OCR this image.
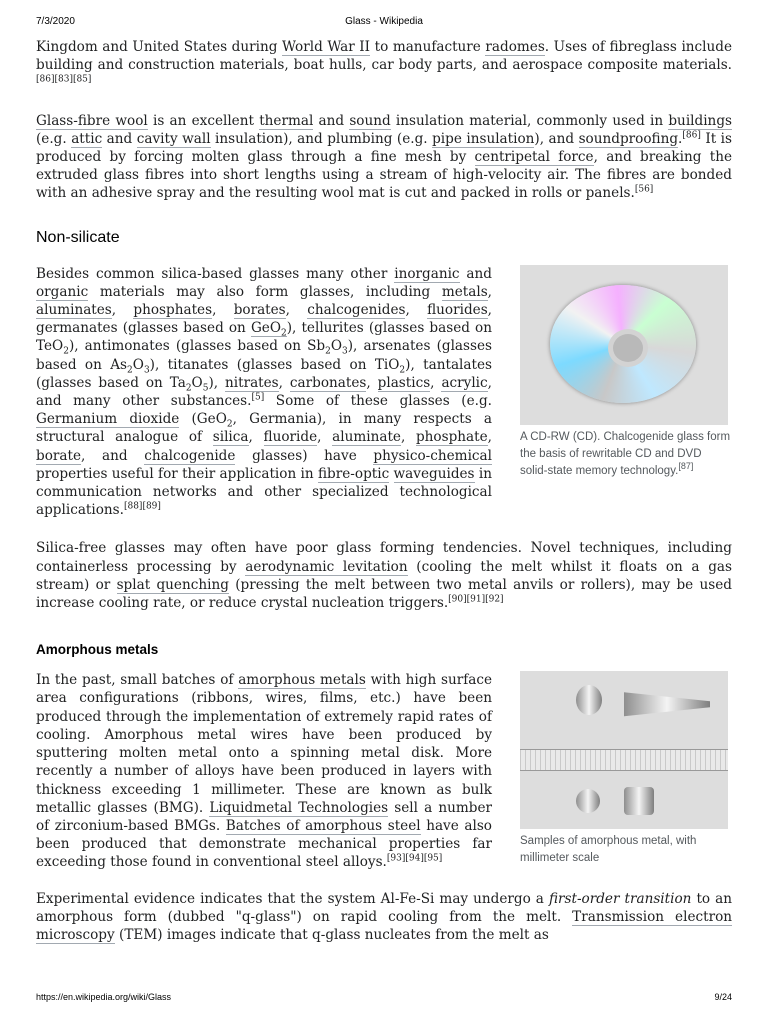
7/3/2020	Glass - Wikipedia

Kingdom and United States during World War II to manufacture radomes. Uses of fibreglass include building and construction materials, boat hulls, car body parts, and aerospace composite materials.[86][83][85]

Glass-fibre wool is an excellent thermal and sound insulation material, commonly used in buildings (e.g. attic and cavity wall insulation), and plumbing (e.g. pipe insulation), and soundproofing.[86] It is produced by forcing molten glass through a fine mesh by centripetal force, and breaking the extruded glass fibres into short lengths using a stream of high-velocity air. The fibres are bonded with an adhesive spray and the resulting wool mat is cut and packed in rolls or panels.[56]

Non-silicate
A CD-RW (CD). Chalcogenide glass form the basis of rewritable CD and DVD solid-state memory technology.[87]

Besides common silica-based glasses many other inorganic and organic materials may also form glasses, including metals, aluminates, phosphates, borates, chalcogenides, fluorides, germanates (glasses based on GeO$_2$), tellurites (glasses based on TeO$_2$), antimonates (glasses based on $Sb_2O_3$), arsenates (glasses based on $As_2O_3$), titanates (glasses based on TiO$_2$), tantalates (glasses based on $Ta_2O_5$), nitrates, carbonates, plastics, acrylic, and many other substances.[5] Some of these glasses (e.g. Germanium dioxide (GeO$_2$, Germania), in many respects a structural analogue of silica, fluoride, aluminate, phosphate, borate, and chalcogenide glasses) have physico-chemical properties useful for their application in fibre-optic waveguides in communication networks and other specialized technological applications.[88][89]

Silica-free glasses may often have poor glass forming tendencies. Novel techniques, including containerless processing by aerodynamic levitation (cooling the melt whilst it floats on a gas stream) or splat quenching (pressing the melt between two metal anvils or rollers), may be used increase cooling rate, or reduce crystal nucleation triggers.[90][91][92]

Amorphous metals
Samples of amorphous metal, with millimeter scale

In the past, small batches of amorphous metals with high surface area configurations (ribbons, wires, films, etc.) have been produced through the implementation of extremely rapid rates of cooling. Amorphous metal wires have been produced by sputtering molten metal onto a spinning metal disk. More recently a number of alloys have been produced in layers with thickness exceeding 1 millimeter. These are known as bulk metallic glasses (BMG). Liquidmetal Technologies sell a number of zirconium-based BMGs. Batches of amorphous steel have also been produced that demonstrate mechanical properties far exceeding those found in conventional steel alloys.[93][94][95]

Experimental evidence indicates that the system Al-Fe-Si may undergo a first-order transition to an amorphous form (dubbed "q-glass") on rapid cooling from the melt. Transmission electron microscopy (TEM) images indicate that q-glass nucleates from the melt as

https://en.wikipedia.org/wiki/Glass	9/24
